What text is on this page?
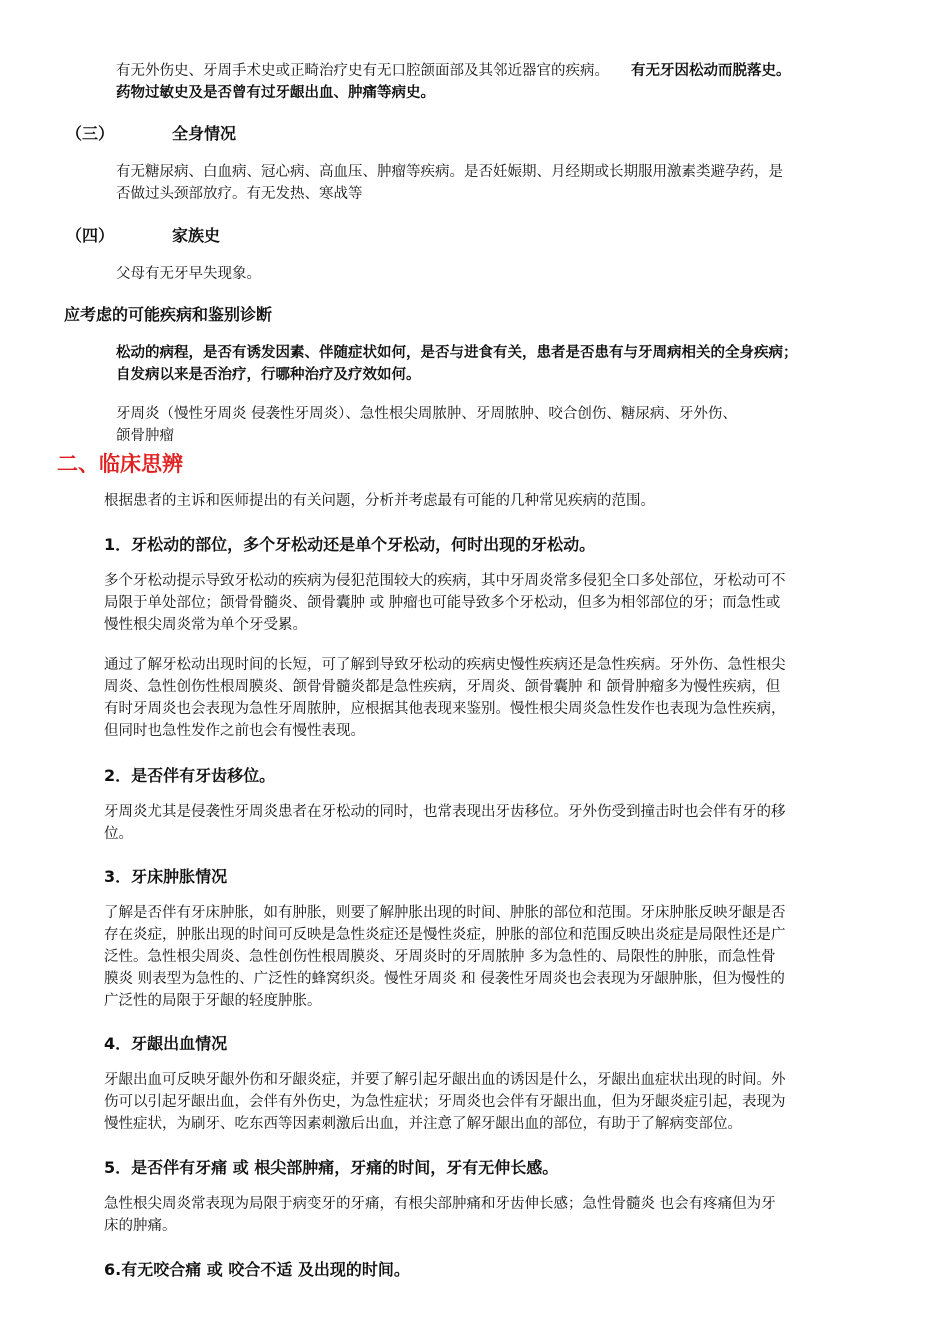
有无外伤史、牙周手术史或正畸治疗史有无口腔颌面部及其邻近器官的疾病。 有无牙因松动而脱落史。

药物过敏史及是否曾有过牙龈出血、肿痛等病史。

（三）	全身情况

有无糖尿病、白血病、冠心病、高血压、肿瘤等疾病。是否妊娠期、月经期或长期服用激素类避孕药，是

否做过头颈部放疗。有无发热、寒战等

（四）	家族史

父母有无牙早失现象。

应考虑的可能疾病和鉴别诊断

松动的病程，是否有诱发因素、伴随症状如何，是否与进食有关，患者是否患有与牙周病相关的全身疾病；

自发病以来是否治疗，行哪种治疗及疗效如何。

牙周炎（慢性牙周炎 侵袭性牙周炎）、急性根尖周脓肿、牙周脓肿、咬合创伤、糖尿病、牙外伤、

颌骨肿瘤

二、临床思辨

根据患者的主诉和医师提出的有关问题，分析并考虑最有可能的几种常见疾病的范围。

1．牙松动的部位，多个牙松动还是单个牙松动，何时出现的牙松动。

多个牙松动提示导致牙松动的疾病为侵犯范围较大的疾病，其中牙周炎常多侵犯全口多处部位，牙松动可不

局限于单处部位；颌骨骨髓炎、颌骨囊肿 或 肿瘤也可能导致多个牙松动，但多为相邻部位的牙；而急性或

慢性根尖周炎常为单个牙受累。

通过了解牙松动出现时间的长短，可了解到导致牙松动的疾病史慢性疾病还是急性疾病。牙外伤、急性根尖

周炎、急性创伤性根周膜炎、颌骨骨髓炎都是急性疾病，牙周炎、颌骨囊肿 和 颌骨肿瘤多为慢性疾病，但

有时牙周炎也会表现为急性牙周脓肿，应根据其他表现来鉴别。慢性根尖周炎急性发作也表现为急性疾病，

但同时也急性发作之前也会有慢性表现。

2．是否伴有牙齿移位。

牙周炎尤其是侵袭性牙周炎患者在牙松动的同时，也常表现出牙齿移位。牙外伤受到撞击时也会伴有牙的移

位。

3．牙床肿胀情况

了解是否伴有牙床肿胀，如有肿胀，则要了解肿胀出现的时间、肿胀的部位和范围。牙床肿胀反映牙龈是否

存在炎症，肿胀出现的时间可反映是急性炎症还是慢性炎症，肿胀的部位和范围反映出炎症是局限性还是广

泛性。急性根尖周炎、急性创伤性根周膜炎、牙周炎时的牙周脓肿 多为急性的、局限性的肿胀，而急性骨

膜炎 则表型为急性的、广泛性的蜂窝织炎。慢性牙周炎 和 侵袭性牙周炎也会表现为牙龈肿胀，但为慢性的

广泛性的局限于牙龈的轻度肿胀。

4．牙龈出血情况

牙龈出血可反映牙龈外伤和牙龈炎症，并要了解引起牙龈出血的诱因是什么，牙龈出血症状出现的时间。外

伤可以引起牙龈出血，会伴有外伤史，为急性症状；牙周炎也会伴有牙龈出血，但为牙龈炎症引起，表现为

慢性症状，为刷牙、吃东西等因素刺激后出血，并注意了解牙龈出血的部位，有助于了解病变部位。

5．是否伴有牙痛 或 根尖部肿痛，牙痛的时间，牙有无伸长感。

急性根尖周炎常表现为局限于病变牙的牙痛，有根尖部肿痛和牙齿伸长感；急性骨髓炎 也会有疼痛但为牙

床的肿痛。

6.有无咬合痛 或 咬合不适 及出现的时间。
